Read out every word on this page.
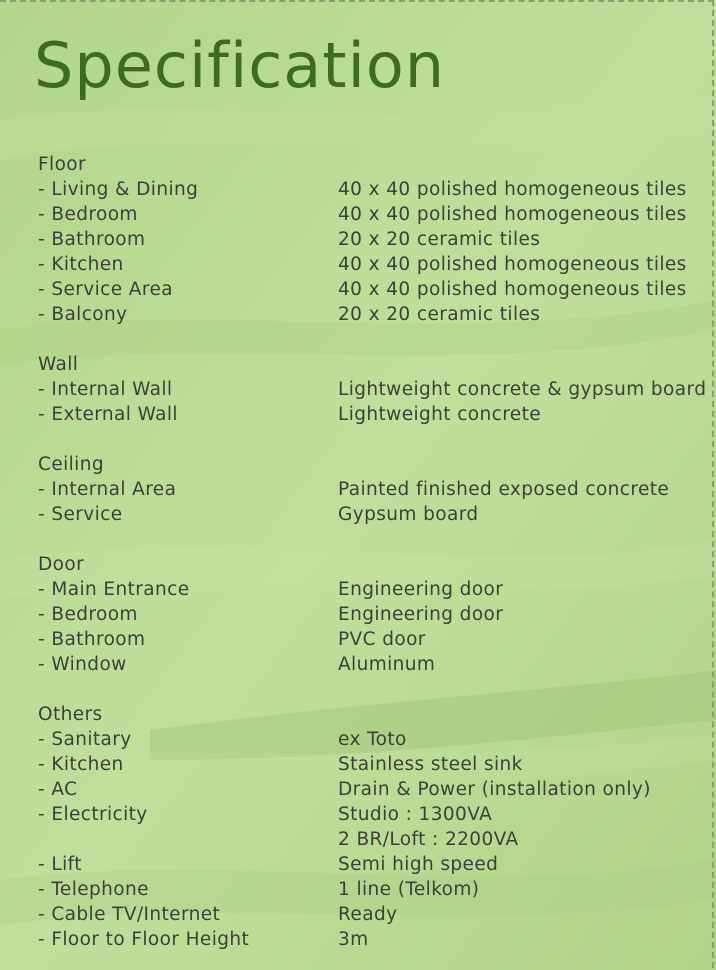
Specification
Floor
- Living & Dining	40 x 40 polished homogeneous tiles
- Bedroom	40 x 40 polished homogeneous tiles
- Bathroom	20 x 20 ceramic tiles
- Kitchen	40 x 40 polished homogeneous tiles
- Service Area	40 x 40 polished homogeneous tiles
- Balcony	20 x 20 ceramic tiles
Wall
- Internal Wall	Lightweight concrete & gypsum board
- External Wall	Lightweight concrete
Ceiling
- Internal Area	Painted finished exposed concrete
- Service	Gypsum board
Door
- Main Entrance	Engineering door
- Bedroom	Engineering door
- Bathroom	PVC door
- Window	Aluminum
Others
- Sanitary	ex Toto
- Kitchen	Stainless steel sink
- AC	Drain & Power (installation only)
- Electricity	Studio : 1300VA
2 BR/Loft : 2200VA
- Lift	Semi high speed
- Telephone	1 line (Telkom)
- Cable TV/Internet	Ready
- Floor to Floor Height	3m
